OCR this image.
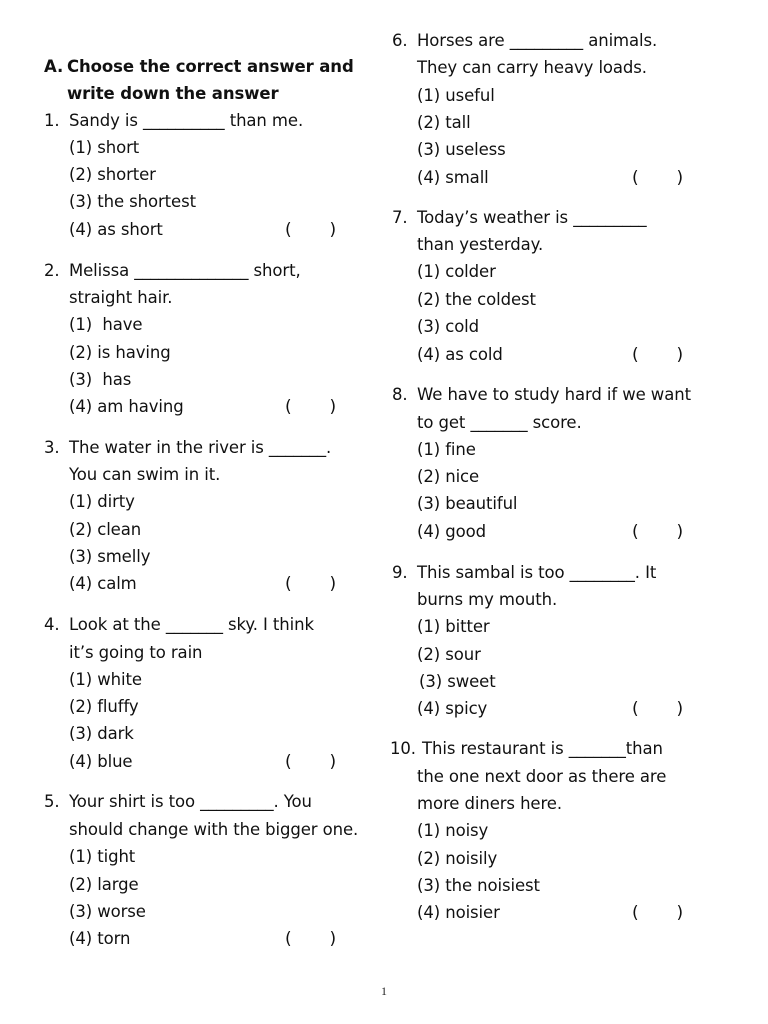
A. Choose the correct answer and
write down the answer
1. Sandy is __________ than me.
(1) short
(2) shorter
(3) the shortest
(4) as short	(       )
2. Melissa ______________ short,
straight hair.
(1)  have
(2) is having
(3)  has
(4) am having	(       )
3. The water in the river is _______.
You can swim in it.
(1) dirty
(2) clean
(3) smelly
(4) calm	(       )
4. Look at the _______ sky. I think
it’s going to rain
(1) white
(2) fluffy
(3) dark
(4) blue	(       )
5. Your shirt is too _________. You
should change with the bigger one.
(1) tight
(2) large
(3) worse
(4) torn	(       )
6. Horses are _________ animals.
They can carry heavy loads.
(1) useful
(2) tall
(3) useless
(4) small	(       )
7. Today’s weather is _________
than yesterday.
(1) colder
(2) the coldest
(3) cold
(4) as cold	(       )
8. We have to study hard if we want
to get _______ score.
(1) fine
(2) nice
(3) beautiful
(4) good	(       )
9. This sambal is too ________. It
burns my mouth.
(1) bitter
(2) sour
(3) sweet
(4) spicy	(       )
10. This restaurant is _______than
the one next door as there are
more diners here.
(1) noisy
(2) noisily
(3) the noisiest
(4) noisier	(       )
1
